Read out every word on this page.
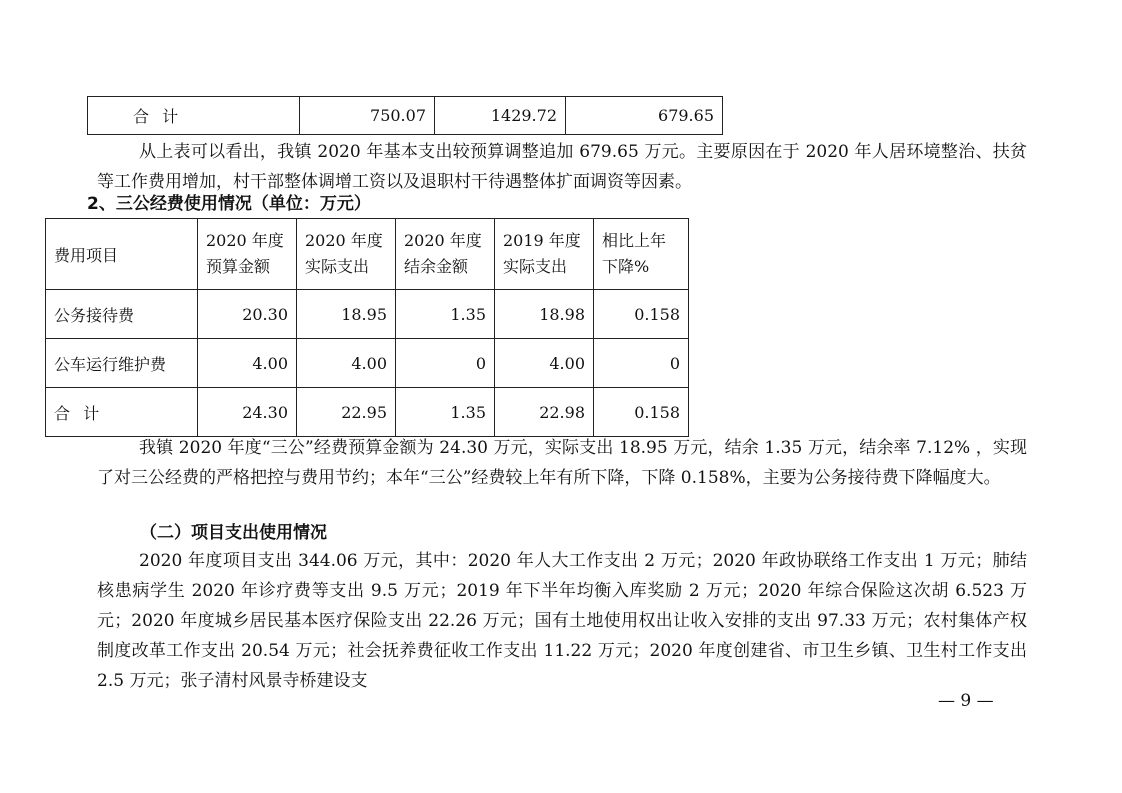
合 计	750.07	1429.72	679.65

从上表可以看出，我镇 2020 年基本支出较预算调整追加 679.65 万元。主要原因在于 2020 年人居环境整治、扶贫等工作费用增加，村干部整体调增工资以及退职村干待遇整体扩面调资等因素。

2、三公经费使用情况（单位：万元）

费用项目	2020 年度预算金额	2020 年度实际支出	2020 年度结余金额	2019 年度实际支出	相比上年下降%
公务接待费	20.30	18.95	1.35	18.98	0.158
公车运行维护费	4.00	4.00	0	4.00	0
合 计	24.30	22.95	1.35	22.98	0.158

我镇 2020 年度“三公”经费预算金额为 24.30 万元，实际支出 18.95 万元，结余 1.35 万元，结余率 7.12% ，实现了对三公经费的严格把控与费用节约；本年“三公”经费较上年有所下降，下降 0.158%，主要为公务接待费下降幅度大。

（二）项目支出使用情况

2020 年度项目支出 344.06 万元，其中：2020 年人大工作支出 2 万元；2020 年政协联络工作支出 1 万元；肺结核患病学生 2020 年诊疗费等支出 9.5 万元；2019 年下半年均衡入库奖励 2 万元；2020 年综合保险这次胡 6.523 万元；2020 年度城乡居民基本医疗保险支出 22.26 万元；国有土地使用权出让收入安排的支出 97.33 万元；农村集体产权制度改革工作支出 20.54 万元；社会抚养费征收工作支出 11.22 万元；2020 年度创建省、市卫生乡镇、卫生村工作支出 2.5 万元；张子清村风景寺桥建设支

— 9 —
